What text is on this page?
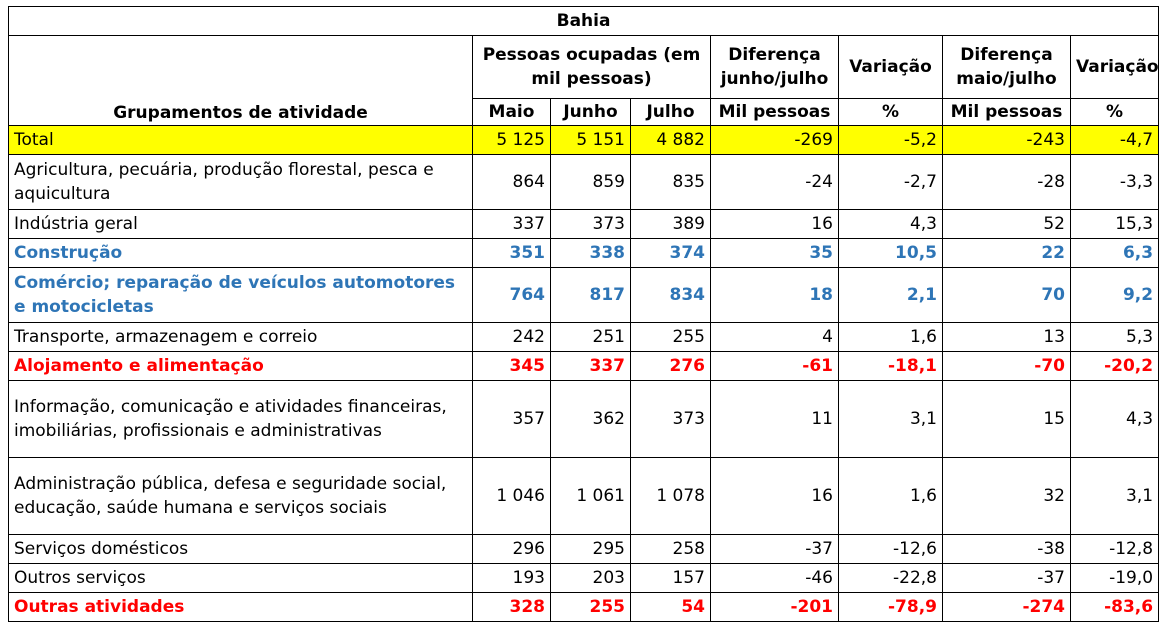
Bahia							
Grupamentos de atividade	Pessoas ocupadas (em mil pessoas)			Diferença junho/julho	Variação	Diferença maio/julho	Variação
	Maio	Junho	Julho	Mil pessoas	%	Mil pessoas	%
Total	5 125	5 151	4 882	-269	-5,2	-243	-4,7
Agricultura, pecuária, produção florestal, pesca e aquicultura	864	859	835	-24	-2,7	-28	-3,3
Indústria geral	337	373	389	16	4,3	52	15,3
Construção	351	338	374	35	10,5	22	6,3
Comércio; reparação de veículos automotores e motocicletas	764	817	834	18	2,1	70	9,2
Transporte, armazenagem e correio	242	251	255	4	1,6	13	5,3
Alojamento e alimentação	345	337	276	-61	-18,1	-70	-20,2
Informação, comunicação e atividades financeiras, imobiliárias, profissionais e administrativas	357	362	373	11	3,1	15	4,3
Administração pública, defesa e seguridade social, educação, saúde humana e serviços sociais	1 046	1 061	1 078	16	1,6	32	3,1
Serviços domésticos	296	295	258	-37	-12,6	-38	-12,8
Outros serviços	193	203	157	-46	-22,8	-37	-19,0
Outras atividades	328	255	54	-201	-78,9	-274	-83,6
